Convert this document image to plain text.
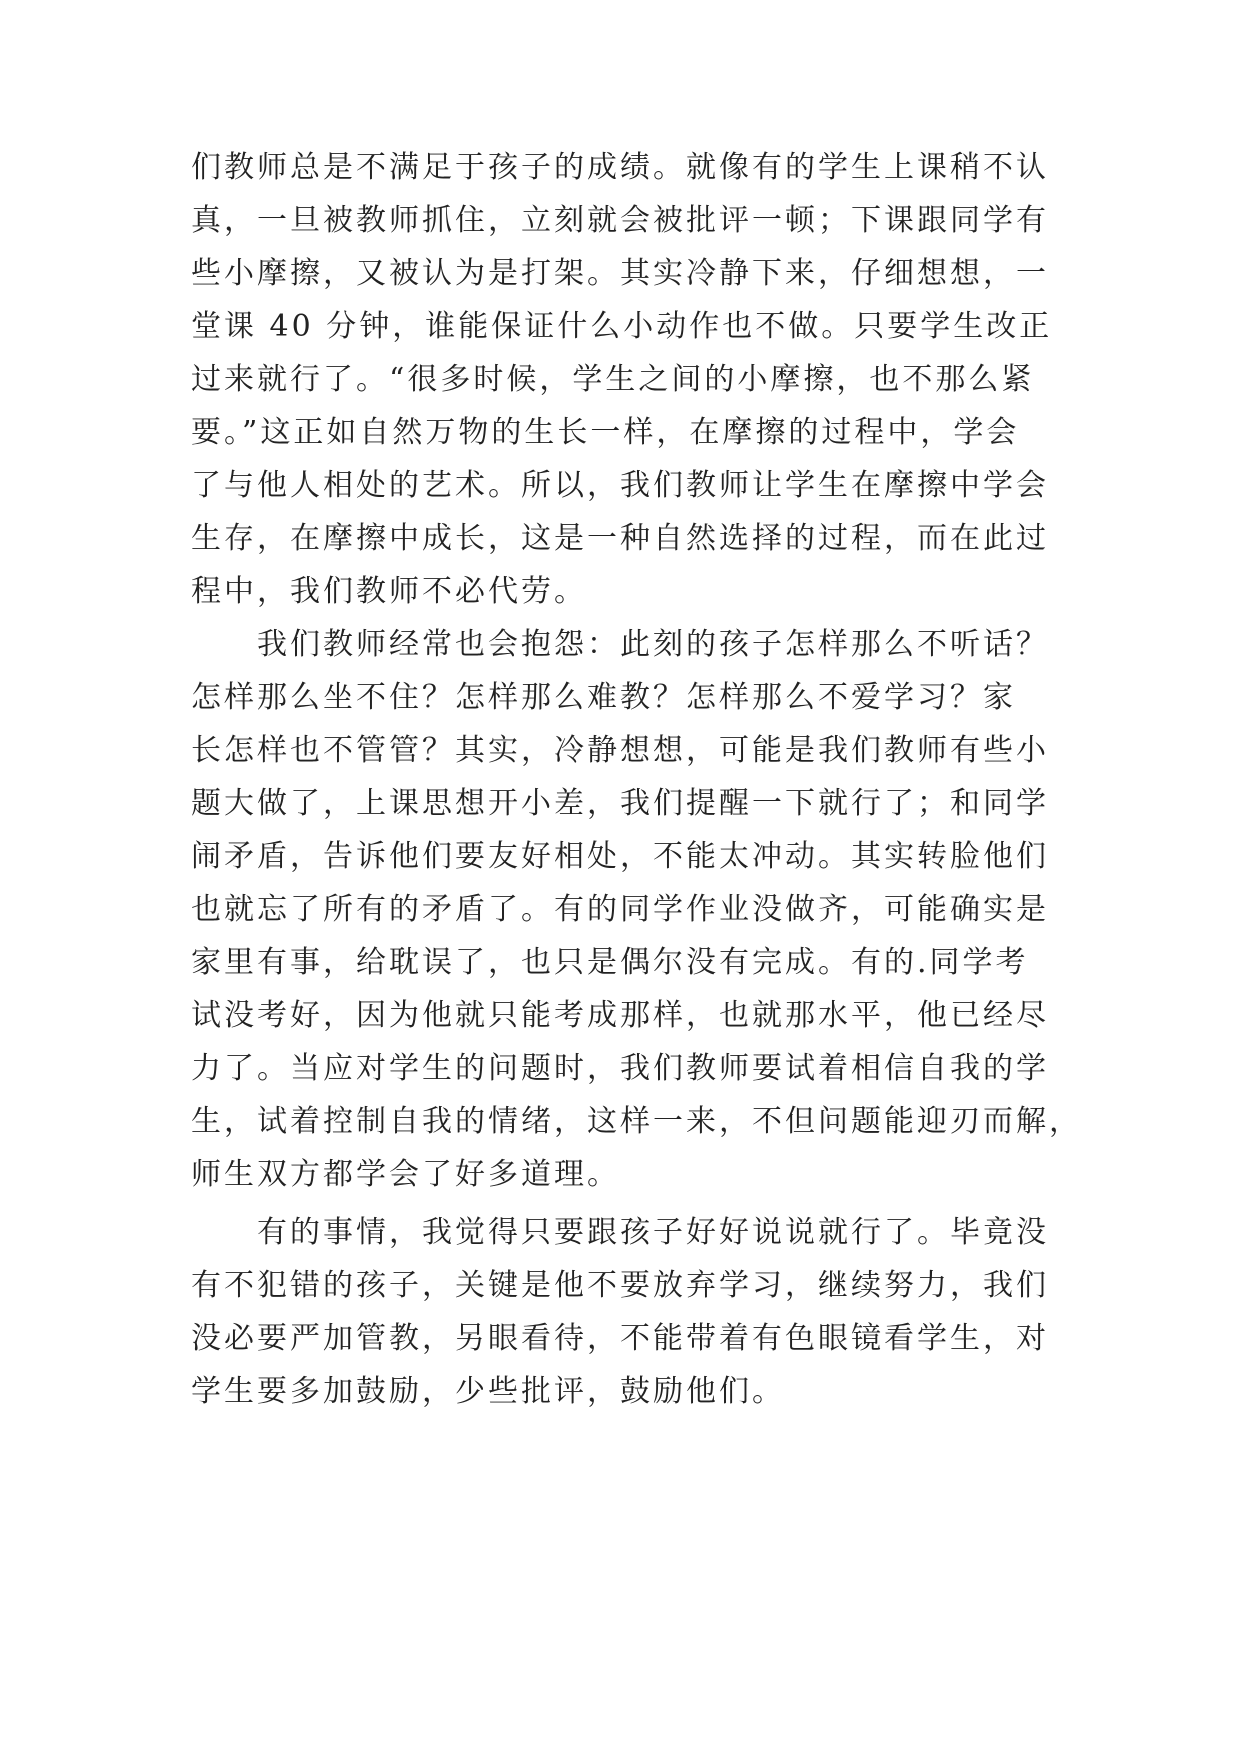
们教师总是不满足于孩子的成绩。就像有的学生上课稍不认
真，一旦被教师抓住，立刻就会被批评一顿；下课跟同学有
些小摩擦，又被认为是打架。其实冷静下来，仔细想想，一
堂课 40 分钟，谁能保证什么小动作也不做。只要学生改正
过来就行了。“很多时候，学生之间的小摩擦，也不那么紧
要。”这正如自然万物的生长一样，在摩擦的过程中，学会
了与他人相处的艺术。所以，我们教师让学生在摩擦中学会
生存，在摩擦中成长，这是一种自然选择的过程，而在此过
程中，我们教师不必代劳。
我们教师经常也会抱怨：此刻的孩子怎样那么不听话？
怎样那么坐不住？怎样那么难教？怎样那么不爱学习？家
长怎样也不管管？其实，冷静想想，可能是我们教师有些小
题大做了，上课思想开小差，我们提醒一下就行了；和同学
闹矛盾，告诉他们要友好相处，不能太冲动。其实转脸他们
也就忘了所有的矛盾了。有的同学作业没做齐，可能确实是
家里有事，给耽误了，也只是偶尔没有完成。有的.同学考
试没考好，因为他就只能考成那样，也就那水平，他已经尽
力了。当应对学生的问题时，我们教师要试着相信自我的学
生，试着控制自我的情绪，这样一来，不但问题能迎刃而解，
师生双方都学会了好多道理。
有的事情，我觉得只要跟孩子好好说说就行了。毕竟没
有不犯错的孩子，关键是他不要放弃学习，继续努力，我们
没必要严加管教，另眼看待，不能带着有色眼镜看学生，对
学生要多加鼓励，少些批评，鼓励他们。
